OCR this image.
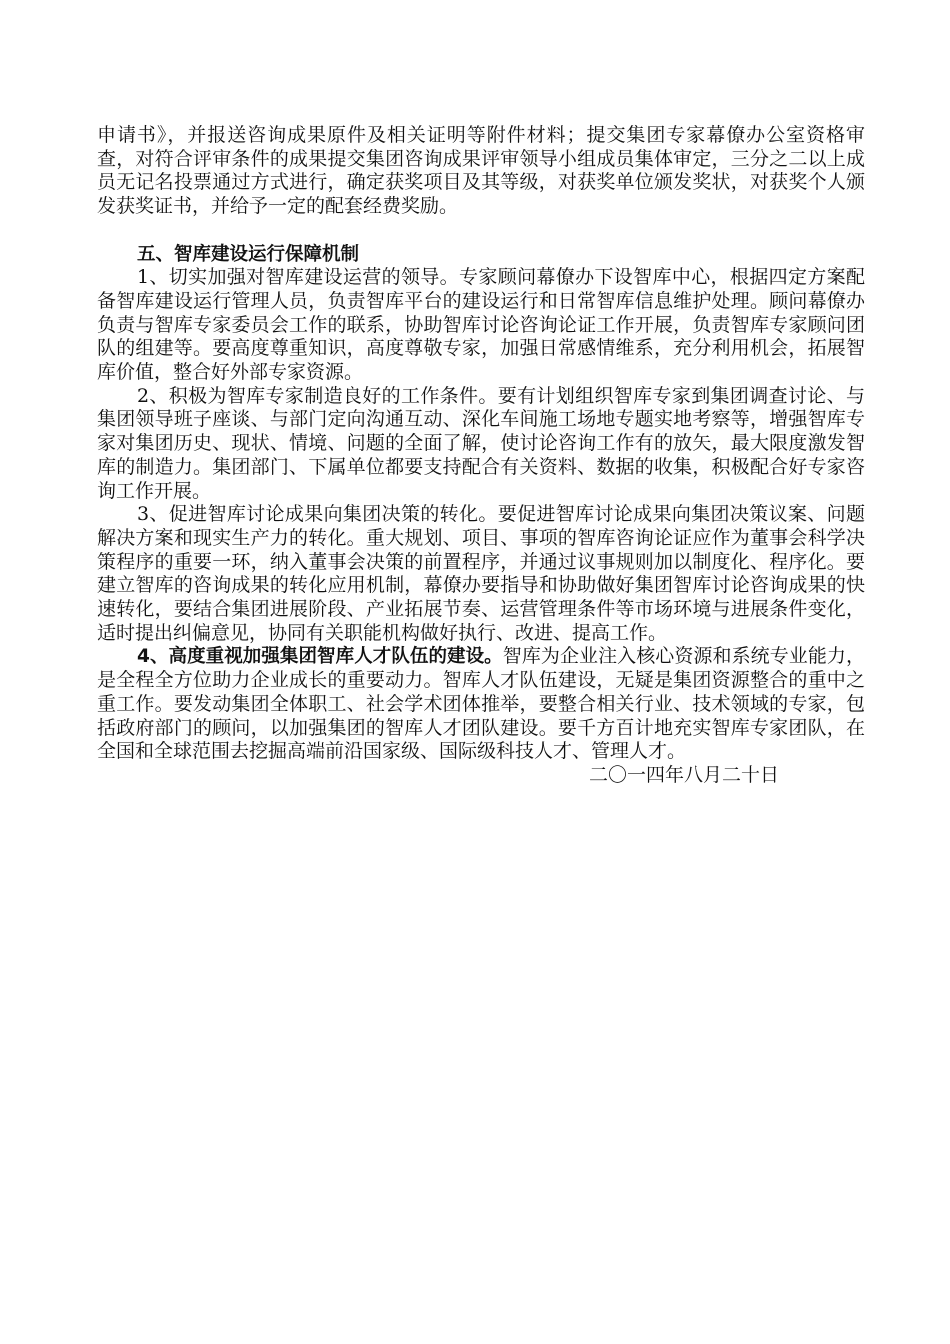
申请书》，并报送咨询成果原件及相关证明等附件材料；提交集团专家幕僚办公室资格审查，对符合评审条件的成果提交集团咨询成果评审领导小组成员集体审定，三分之二以上成员无记名投票通过方式进行，确定获奖项目及其等级，对获奖单位颁发奖状，对获奖个人颁发获奖证书，并给予一定的配套经费奖励。

五、智库建设运行保障机制

1、切实加强对智库建设运营的领导。专家顾问幕僚办下设智库中心，根据四定方案配备智库建设运行管理人员，负责智库平台的建设运行和日常智库信息维护处理。顾问幕僚办负责与智库专家委员会工作的联系，协助智库讨论咨询论证工作开展，负责智库专家顾问团队的组建等。要高度尊重知识，高度尊敬专家，加强日常感情维系，充分利用机会，拓展智库价值，整合好外部专家资源。

2、积极为智库专家制造良好的工作条件。要有计划组织智库专家到集团调查讨论、与集团领导班子座谈、与部门定向沟通互动、深化车间施工场地专题实地考察等，增强智库专家对集团历史、现状、情境、问题的全面了解，使讨论咨询工作有的放矢，最大限度激发智库的制造力。集团部门、下属单位都要支持配合有关资料、数据的收集，积极配合好专家咨询工作开展。

3、促进智库讨论成果向集团决策的转化。要促进智库讨论成果向集团决策议案、问题解决方案和现实生产力的转化。重大规划、项目、事项的智库咨询论证应作为董事会科学决策程序的重要一环，纳入董事会决策的前置程序，并通过议事规则加以制度化、程序化。要建立智库的咨询成果的转化应用机制，幕僚办要指导和协助做好集团智库讨论咨询成果的快速转化，要结合集团进展阶段、产业拓展节奏、运营管理条件等市场环境与进展条件变化，适时提出纠偏意见，协同有关职能机构做好执行、改进、提高工作。

4、高度重视加强集团智库人才队伍的建设。智库为企业注入核心资源和系统专业能力，是全程全方位助力企业成长的重要动力。智库人才队伍建设，无疑是集团资源整合的重中之重工作。要发动集团全体职工、社会学术团体推举，要整合相关行业、技术领域的专家，包括政府部门的顾问，以加强集团的智库人才团队建设。要千方百计地充实智库专家团队，在全国和全球范围去挖掘高端前沿国家级、国际级科技人才、管理人才。

二〇一四年八月二十日
